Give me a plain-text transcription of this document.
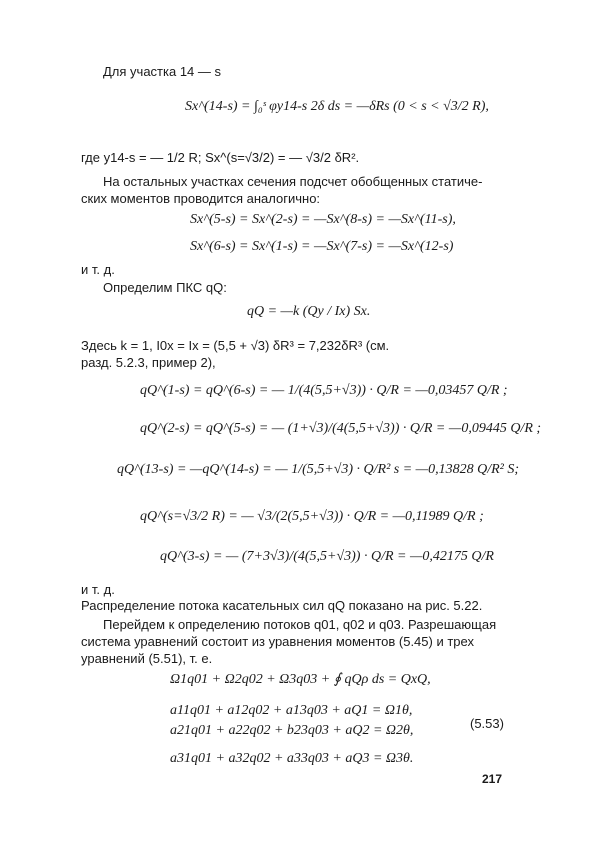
Для участка 14 — s
Sx^(14-s) = ∫₀ˢ φy14-s 2δ ds = —δRs (0 < s < √3/2 R),
где y14-s = — 1/2 R; Sx^(s=√3/2) = — √3/2 δR².
На остальных участках сечения подсчет обобщенных статиче-
ских моментов проводится аналогично:
Sx^(5-s) = Sx^(2-s) = —Sx^(8-s) = —Sx^(11-s),
Sx^(6-s) = Sx^(1-s) = —Sx^(7-s) = —Sx^(12-s)
и т. д.
Определим ПКС qQ:
qQ = —k (Qy / Ix) Sx.
Здесь k = 1, I0x = Ix = (5,5 + √3) δR³ = 7,232δR³ (см.
разд. 5.2.3, пример 2),
qQ^(1-s) = qQ^(6-s) = — 1/(4(5,5+√3)) · Q/R = —0,03457 Q/R ;
qQ^(2-s) = qQ^(5-s) = — (1+√3)/(4(5,5+√3)) · Q/R = —0,09445 Q/R ;
qQ^(13-s) = —qQ^(14-s) = — 1/(5,5+√3) · Q/R² s = —0,13828 Q/R² S;
qQ^(s=√3/2 R) = — √3/(2(5,5+√3)) · Q/R = —0,11989 Q/R ;
qQ^(3-s) = — (7+3√3)/(4(5,5+√3)) · Q/R = —0,42175 Q/R
и т. д.
Распределение потока касательных сил qQ показано на рис. 5.22.
Перейдем к определению потоков q01, q02 и q03. Разрешающая
система уравнений состоит из уравнения моментов (5.45) и трех
уравнений (5.51), т. е.
Ω1q01 + Ω2q02 + Ω3q03 + ∮ qQρ ds = QxQ,
a11q01 + a12q02 + a13q03 + aQ1 = Ω1θ,
a21q01 + a22q02 + b23q03 + aQ2 = Ω2θ,
a31q01 + a32q02 + a33q03 + aQ3 = Ω3θ.
(5.53)
217
